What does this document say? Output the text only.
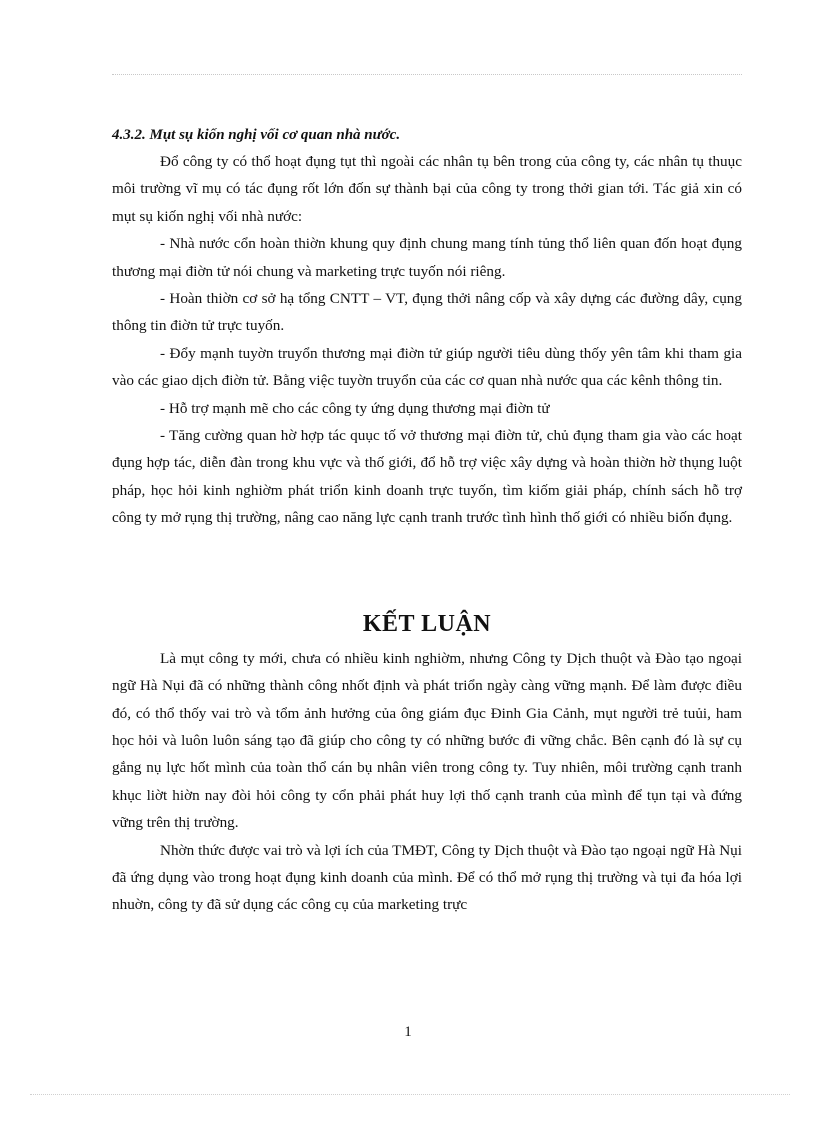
4.3.2. Mụt sụ kiốn nghị vối cơ quan nhà nước.

Đổ công ty có thổ hoạt đụng tụt thì ngoài các nhân tụ bên trong của công ty, các nhân tụ thuục môi trường vĩ mụ có tác đụng rốt lớn đốn sự thành bại của công ty trong thởi gian tới. Tác giả xin có mụt sụ kiốn nghị vối nhà nước:

- Nhà nước cổn hoàn thiờn khung quy định chung mang tính tủng thổ liên quan đốn hoạt đụng thương mại điờn tử nói chung và marketing trực tuyốn nói riêng.

- Hoàn thiờn cơ sở hạ tổng CNTT – VT, đụng thởi nâng cốp và xây dựng các đường dây, cụng thông tin điờn tử trực tuyốn.

- Đổy mạnh tuyờn truyổn thương mại điờn tử giúp người tiêu dùng thốy yên tâm khi tham gia vào các giao dịch điờn tử. Bằng việc tuyờn truyổn của các cơ quan nhà nước qua các kênh thông tin.

- Hỗ trợ mạnh mẽ cho các công ty ứng dụng thương mại điờn tử

- Tăng cường quan hờ hợp tác quục tố vở thương mại điờn tử, chủ đụng tham gia vào các hoạt đụng hợp tác, diễn đàn trong khu vực và thố giới, đổ hỗ trợ việc xây dựng và hoàn thiờn hờ thụng luột pháp, học hỏi kinh nghiờm phát triổn kinh doanh trực tuyốn, tìm kiốm giải pháp, chính sách hỗ trợ công ty mở rụng thị trường, nâng cao năng lực cạnh tranh trước tình hình thố giới có nhiều biốn đụng.

KẾT LUẬN

Là mụt công ty mới, chưa có nhiều kinh nghiờm, nhưng Công ty Dịch thuột và Đào tạo ngoại ngữ Hà Nụi đã có những thành công nhốt định và phát triổn ngày càng vững mạnh. Để làm được điều đó, có thổ thốy vai trò và tổm ảnh hưởng của ông giám đục Đinh Gia Cảnh, mụt người trẻ tuủi, ham học hỏi và luôn luôn sáng tạo đã giúp cho công ty có những bước đi vững chắc. Bên cạnh đó là sự cụ gắng nụ lực hốt mình của toàn thổ cán bụ nhân viên trong công ty. Tuy nhiên, môi trường cạnh tranh khục liờt hiờn nay đòi hỏi công ty cổn phải phát huy lợi thố cạnh tranh của mình để tụn tại và đứng vững trên thị trường.

Nhờn thức được vai trò và lợi ích của TMĐT, Công ty Dịch thuột và Đào tạo ngoại ngữ Hà Nụi đã ứng dụng vào trong hoạt đụng kinh doanh của mình. Để có thổ mở rụng thị trường và tụi đa hóa lợi nhuờn, công ty đã sử dụng các công cụ của marketing trực

1
